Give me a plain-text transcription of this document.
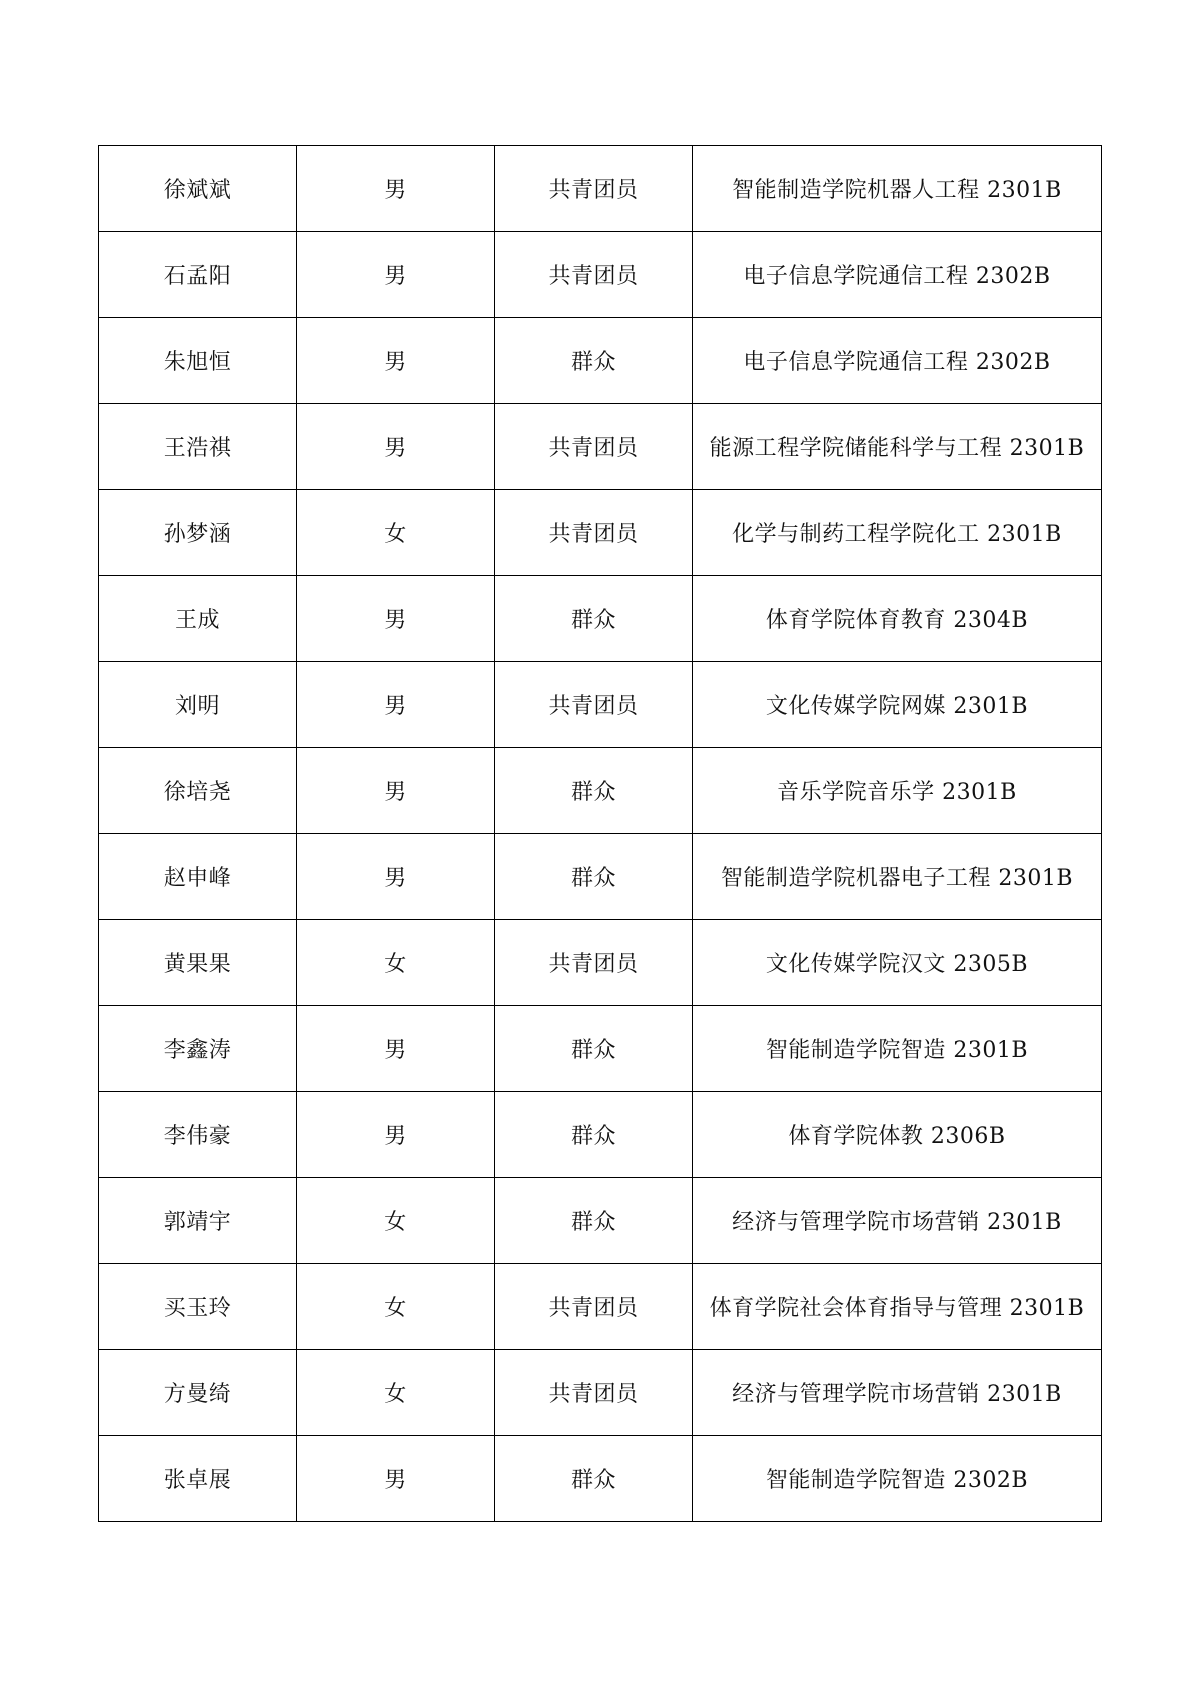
徐斌斌	男	共青团员	智能制造学院机器人工程 2301B
石孟阳	男	共青团员	电子信息学院通信工程 2302B
朱旭恒	男	群众	电子信息学院通信工程 2302B
王浩祺	男	共青团员	能源工程学院储能科学与工程 2301B
孙梦涵	女	共青团员	化学与制药工程学院化工 2301B
王成	男	群众	体育学院体育教育 2304B
刘明	男	共青团员	文化传媒学院网媒 2301B
徐培尧	男	群众	音乐学院音乐学 2301B
赵申峰	男	群众	智能制造学院机器电子工程 2301B
黄果果	女	共青团员	文化传媒学院汉文 2305B
李鑫涛	男	群众	智能制造学院智造 2301B
李伟豪	男	群众	体育学院体教 2306B
郭靖宇	女	群众	经济与管理学院市场营销 2301B
买玉玲	女	共青团员	体育学院社会体育指导与管理 2301B
方曼绮	女	共青团员	经济与管理学院市场营销 2301B
张卓展	男	群众	智能制造学院智造 2302B
